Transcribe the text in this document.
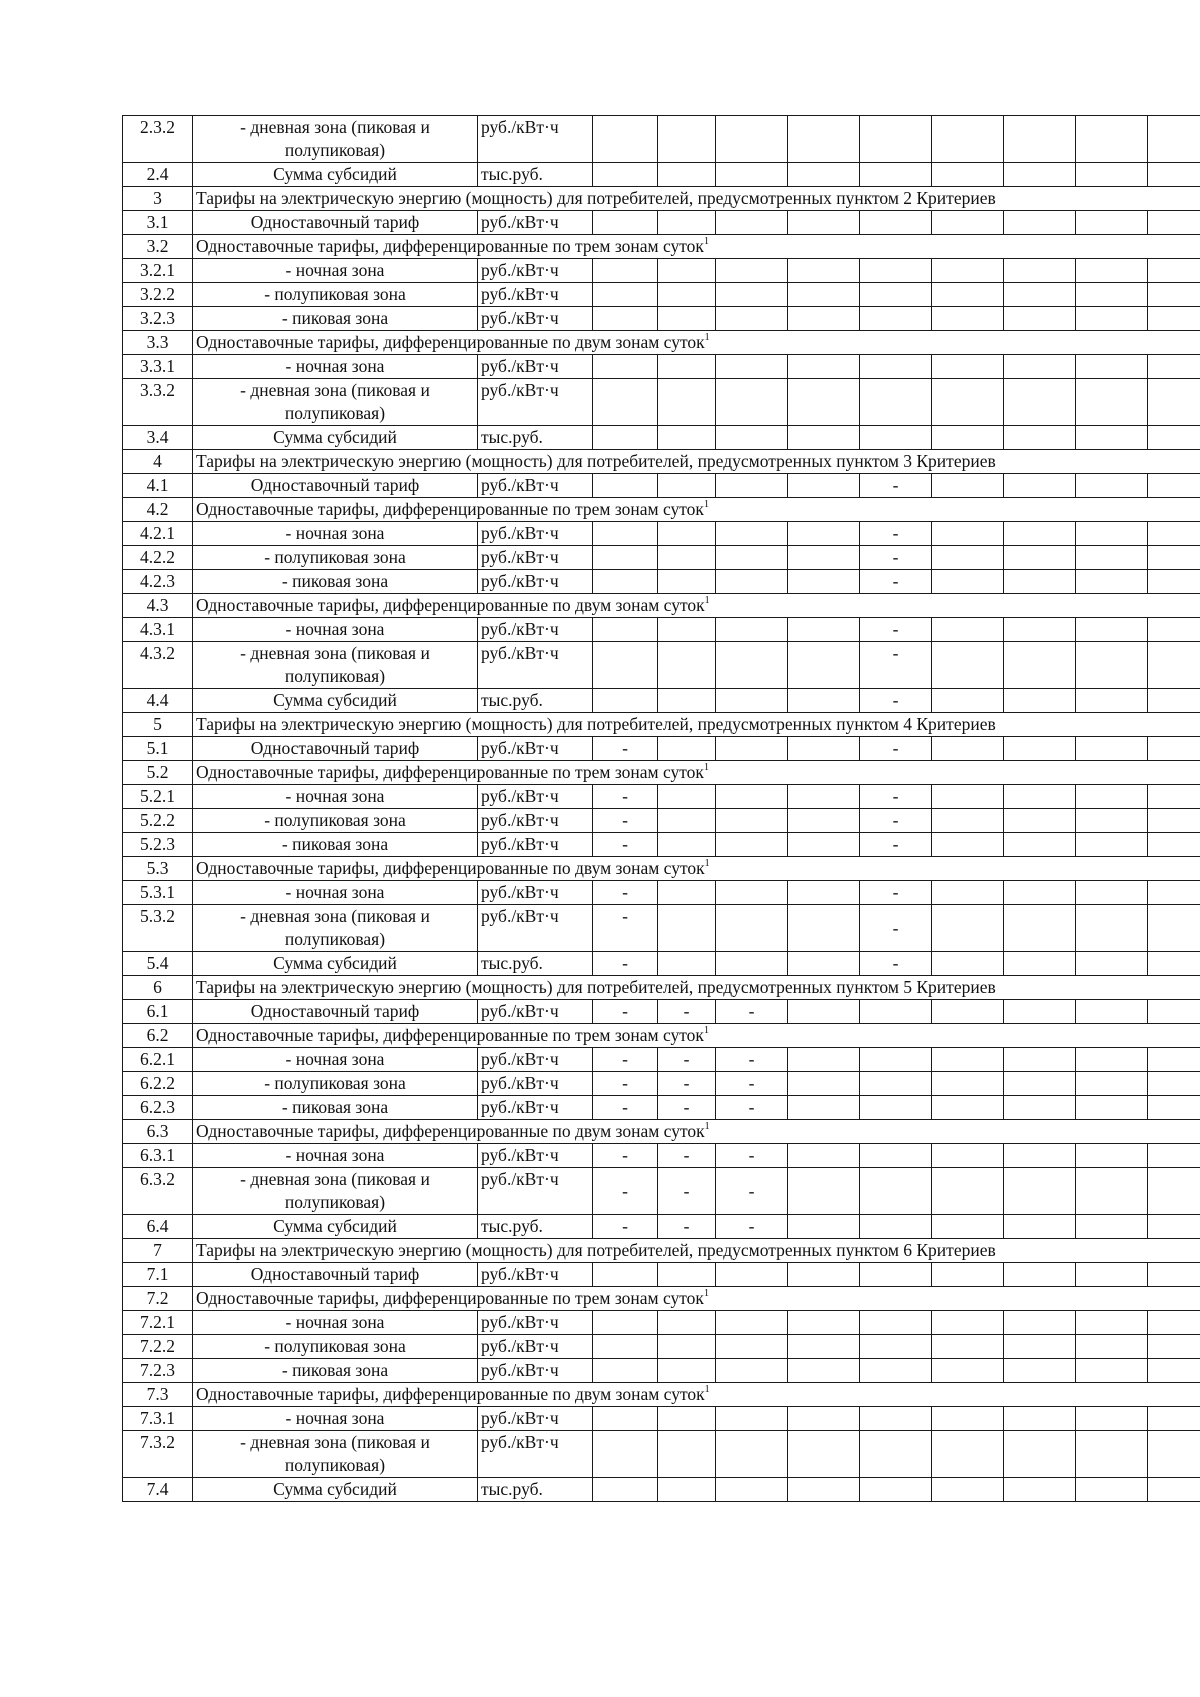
2.3.2	- дневная зона (пиковая и полупиковая)	руб./кВт·ч									
2.4	Сумма субсидий	тыс.руб.									
3	Тарифы на электрическую энергию (мощность) для потребителей, предусмотренных пунктом 2 Критериев										
3.1	Одноставочный тариф	руб./кВт·ч									
3.2	Одноставочные тарифы, дифференцированные по трем зонам суток$^1$
3.2.1	- ночная зона	руб./кВт·ч									
3.2.2	- полупиковая зона	руб./кВт·ч									
3.2.3	- пиковая зона	руб./кВт·ч									
3.3	Одноставочные тарифы, дифференцированные по двум зонам суток$^1$
3.3.1	- ночная зона	руб./кВт·ч									
3.3.2	- дневная зона (пиковая и полупиковая)	руб./кВт·ч									
3.4	Сумма субсидий	тыс.руб.									
4	Тарифы на электрическую энергию (мощность) для потребителей, предусмотренных пунктом 3 Критериев										
4.1	Одноставочный тариф	руб./кВт·ч					-				
4.2	Одноставочные тарифы, дифференцированные по трем зонам суток$^1$
4.2.1	- ночная зона	руб./кВт·ч					-				
4.2.2	- полупиковая зона	руб./кВт·ч					-				
4.2.3	- пиковая зона	руб./кВт·ч					-				
4.3	Одноставочные тарифы, дифференцированные по двум зонам суток$^1$
4.3.1	- ночная зона	руб./кВт·ч					-				
4.3.2	- дневная зона (пиковая и полупиковая)	руб./кВт·ч					-				
4.4	Сумма субсидий	тыс.руб.					-				
5	Тарифы на электрическую энергию (мощность) для потребителей, предусмотренных пунктом 4 Критериев										
5.1	Одноставочный тариф	руб./кВт·ч	-				-				
5.2	Одноставочные тарифы, дифференцированные по трем зонам суток$^1$
5.2.1	- ночная зона	руб./кВт·ч	-				-				
5.2.2	- полупиковая зона	руб./кВт·ч	-				-				
5.2.3	- пиковая зона	руб./кВт·ч	-				-				
5.3	Одноставочные тарифы, дифференцированные по двум зонам суток$^1$
5.3.1	- ночная зона	руб./кВт·ч	-				-				
5.3.2	- дневная зона (пиковая и полупиковая)	руб./кВт·ч	-				-				
5.4	Сумма субсидий	тыс.руб.	-				-				
6	Тарифы на электрическую энергию (мощность) для потребителей, предусмотренных пунктом 5 Критериев										
6.1	Одноставочный тариф	руб./кВт·ч	-	-	-						
6.2	Одноставочные тарифы, дифференцированные по трем зонам суток$^1$
6.2.1	- ночная зона	руб./кВт·ч	-	-	-						
6.2.2	- полупиковая зона	руб./кВт·ч	-	-	-						
6.2.3	- пиковая зона	руб./кВт·ч	-	-	-						
6.3	Одноставочные тарифы, дифференцированные по двум зонам суток$^1$
6.3.1	- ночная зона	руб./кВт·ч	-	-	-						
6.3.2	- дневная зона (пиковая и полупиковая)	руб./кВт·ч	-	-	-						
6.4	Сумма субсидий	тыс.руб.	-	-	-						
7	Тарифы на электрическую энергию (мощность) для потребителей, предусмотренных пунктом 6 Критериев										
7.1	Одноставочный тариф	руб./кВт·ч									
7.2	Одноставочные тарифы, дифференцированные по трем зонам суток$^1$
7.2.1	- ночная зона	руб./кВт·ч									
7.2.2	- полупиковая зона	руб./кВт·ч									
7.2.3	- пиковая зона	руб./кВт·ч									
7.3	Одноставочные тарифы, дифференцированные по двум зонам суток$^1$
7.3.1	- ночная зона	руб./кВт·ч									
7.3.2	- дневная зона (пиковая и полупиковая)	руб./кВт·ч									
7.4	Сумма субсидий	тыс.руб.									
